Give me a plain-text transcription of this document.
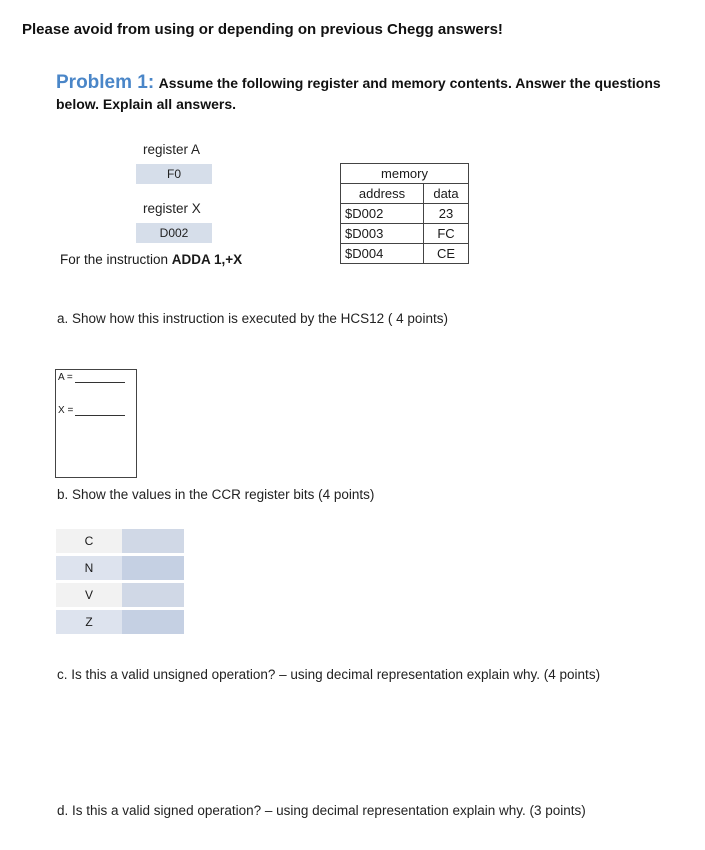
Please avoid from using or depending on previous Chegg answers!
Problem 1: Assume the following register and memory contents. Answer the questions below. Explain all answers.
register A
F0
register X
D002
memory	
address	data
$D002	23
$D003	FC
$D004	CE
For the instruction ADDA 1,+X
a. Show how this instruction is executed by the HCS12 ( 4 points)
A =
X =
b. Show the values in the CCR register bits (4 points)
C	
N	
V	
Z	
c. Is this a valid unsigned operation? – using decimal representation explain why. (4 points)
d. Is this a valid signed operation? – using decimal representation explain why. (3 points)
